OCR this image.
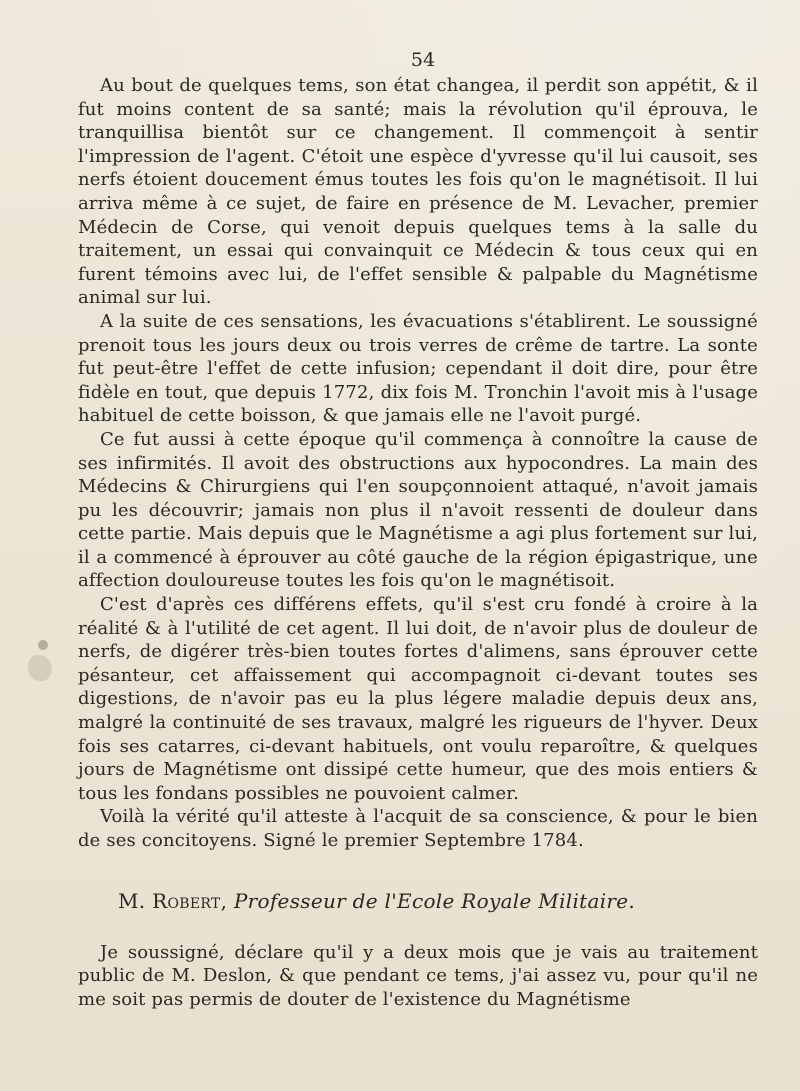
54

Au bout de quelques tems, son état changea, il perdit son appétit, & il fut moins content de sa santé; mais la révolution qu'il éprouva, le tranquillisa bientôt sur ce changement. Il commençoit à sentir l'impression de l'agent. C'étoit une espèce d'yvresse qu'il lui causoit, ses nerfs étoient doucement émus toutes les fois qu'on le magnétisoit. Il lui arriva même à ce sujet, de faire en présence de M. Levacher, premier Médecin de Corse, qui venoit depuis quelques tems à la salle du traitement, un essai qui convainquit ce Médecin & tous ceux qui en furent témoins avec lui, de l'effet sensible & palpable du Magnétisme animal sur lui.

A la suite de ces sensations, les évacuations s'établirent. Le soussigné prenoit tous les jours deux ou trois verres de crême de tartre. La sonte fut peut-être l'effet de cette infusion; cependant il doit dire, pour être fidèle en tout, que depuis 1772, dix fois M. Tronchin l'avoit mis à l'usage habituel de cette boisson, & que jamais elle ne l'avoit purgé.

Ce fut aussi à cette époque qu'il commença à connoître la cause de ses infirmités. Il avoit des obstructions aux hypocondres. La main des Médecins & Chirurgiens qui l'en soupçonnoient attaqué, n'avoit jamais pu les découvrir; jamais non plus il n'avoit ressenti de douleur dans cette partie. Mais depuis que le Magnétisme a agi plus fortement sur lui, il a commencé à éprouver au côté gauche de la région épigastrique, une affection douloureuse toutes les fois qu'on le magnétisoit.

C'est d'après ces différens effets, qu'il s'est cru fondé à croire à la réalité & à l'utilité de cet agent. Il lui doit, de n'avoir plus de douleur de nerfs, de digérer très-bien toutes fortes d'alimens, sans éprouver cette pésanteur, cet affaissement qui accompagnoit ci-devant toutes ses digestions, de n'avoir pas eu la plus légere maladie depuis deux ans, malgré la continuité de ses travaux, malgré les rigueurs de l'hyver. Deux fois ses catarres, ci-devant habituels, ont voulu reparoître, & quelques jours de Magnétisme ont dissipé cette humeur, que des mois entiers & tous les fondans possibles ne pouvoient calmer.

Voilà la vérité qu'il atteste à l'acquit de sa conscience, & pour le bien de ses concitoyens. Signé le premier Septembre 1784.

M. Robert, Professeur de l'Ecole Royale Militaire.

Je soussigné, déclare qu'il y a deux mois que je vais au traitement public de M. Deslon, & que pendant ce tems, j'ai assez vu, pour qu'il ne me soit pas permis de douter de l'existence du Magnétisme
